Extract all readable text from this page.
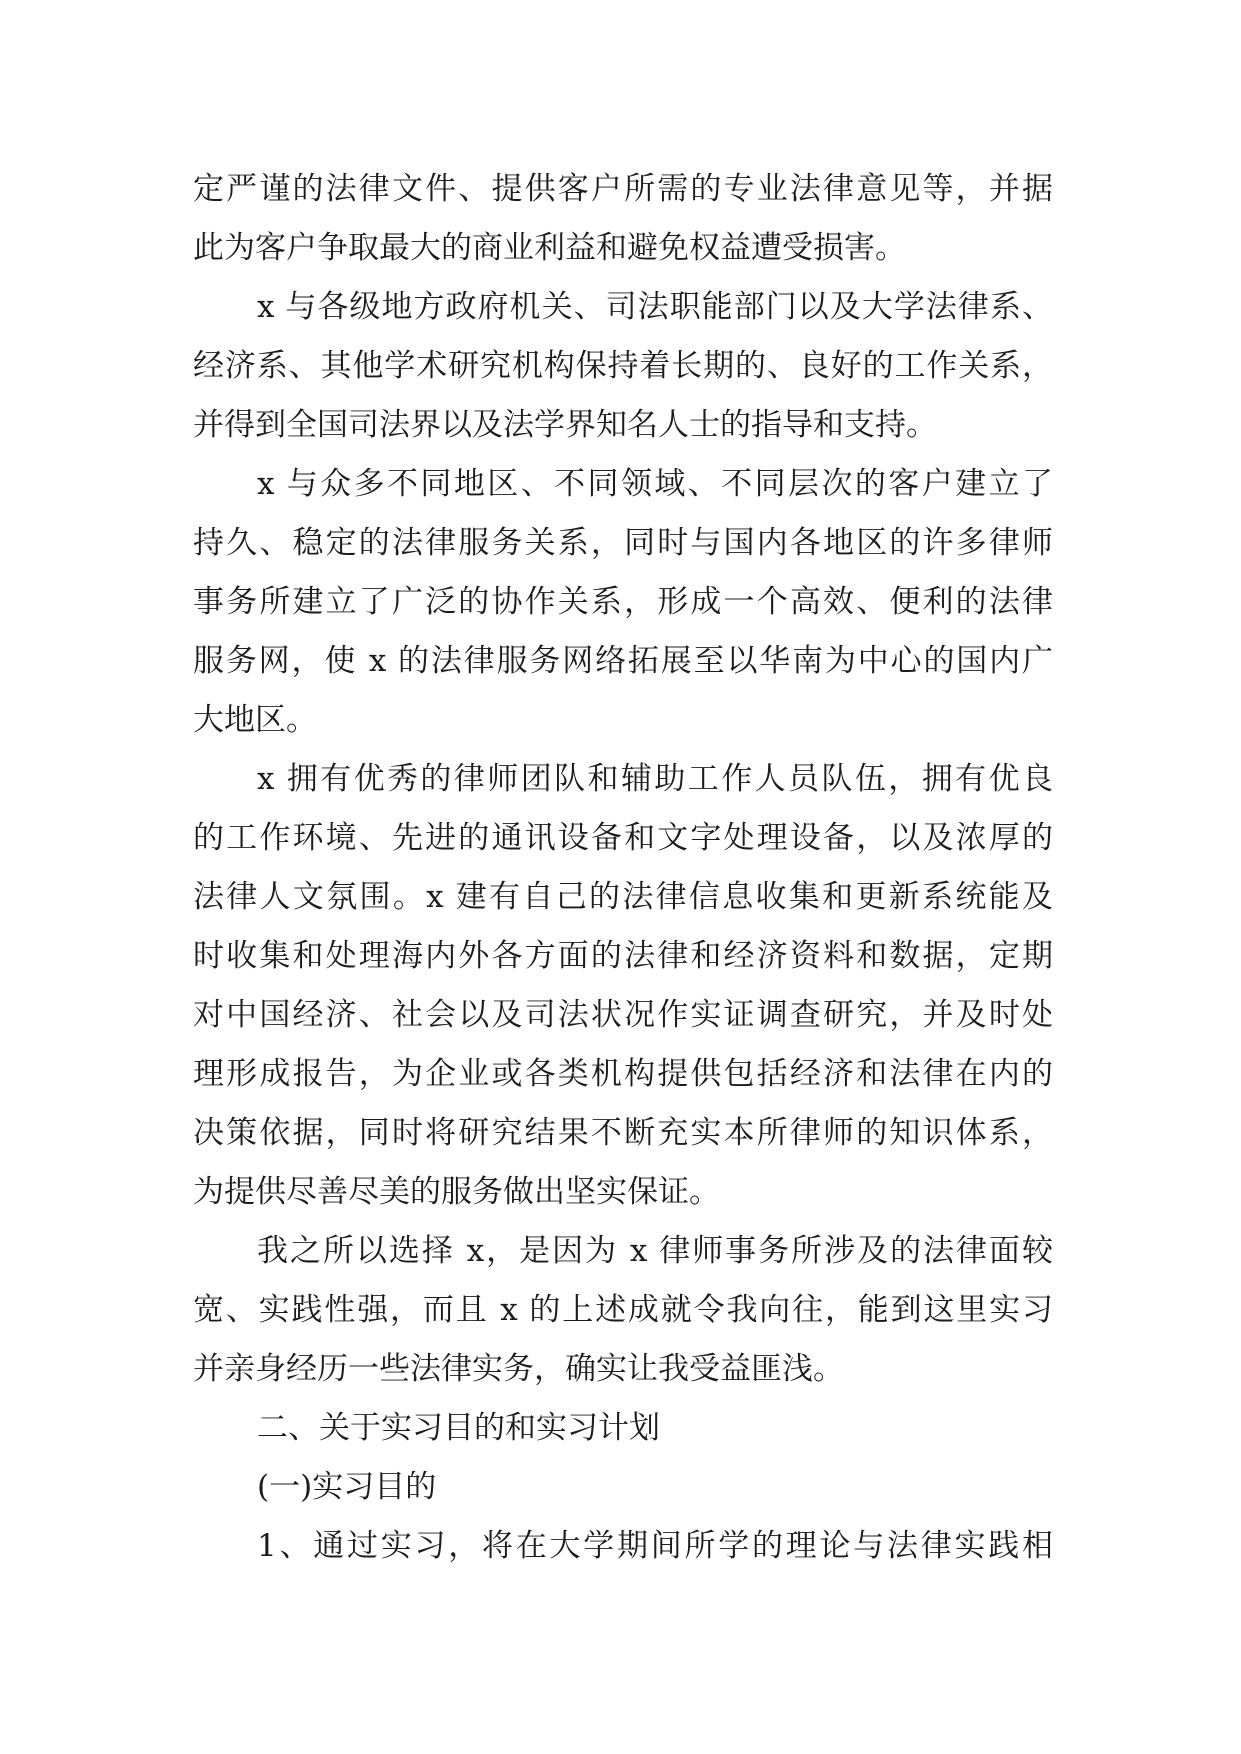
定严谨的法律文件、提供客户所需的专业法律意见等，并据
此为客户争取最大的商业利益和避免权益遭受损害。
x 与各级地方政府机关、司法职能部门以及大学法律系、
经济系、其他学术研究机构保持着长期的、良好的工作关系，
并得到全国司法界以及法学界知名人士的指导和支持。
x 与众多不同地区、不同领域、不同层次的客户建立了
持久、稳定的法律服务关系，同时与国内各地区的许多律师
事务所建立了广泛的协作关系，形成一个高效、便利的法律
服务网，使 x 的法律服务网络拓展至以华南为中心的国内广
大地区。
x 拥有优秀的律师团队和辅助工作人员队伍，拥有优良
的工作环境、先进的通讯设备和文字处理设备，以及浓厚的
法律人文氛围。x 建有自己的法律信息收集和更新系统能及
时收集和处理海内外各方面的法律和经济资料和数据，定期
对中国经济、社会以及司法状况作实证调查研究，并及时处
理形成报告，为企业或各类机构提供包括经济和法律在内的
决策依据，同时将研究结果不断充实本所律师的知识体系，
为提供尽善尽美的服务做出坚实保证。
我之所以选择 x，是因为 x 律师事务所涉及的法律面较
宽、实践性强，而且 x 的上述成就令我向往，能到这里实习
并亲身经历一些法律实务，确实让我受益匪浅。
二、关于实习目的和实习计划
(一)实习目的
1、通过实习，将在大学期间所学的理论与法律实践相
